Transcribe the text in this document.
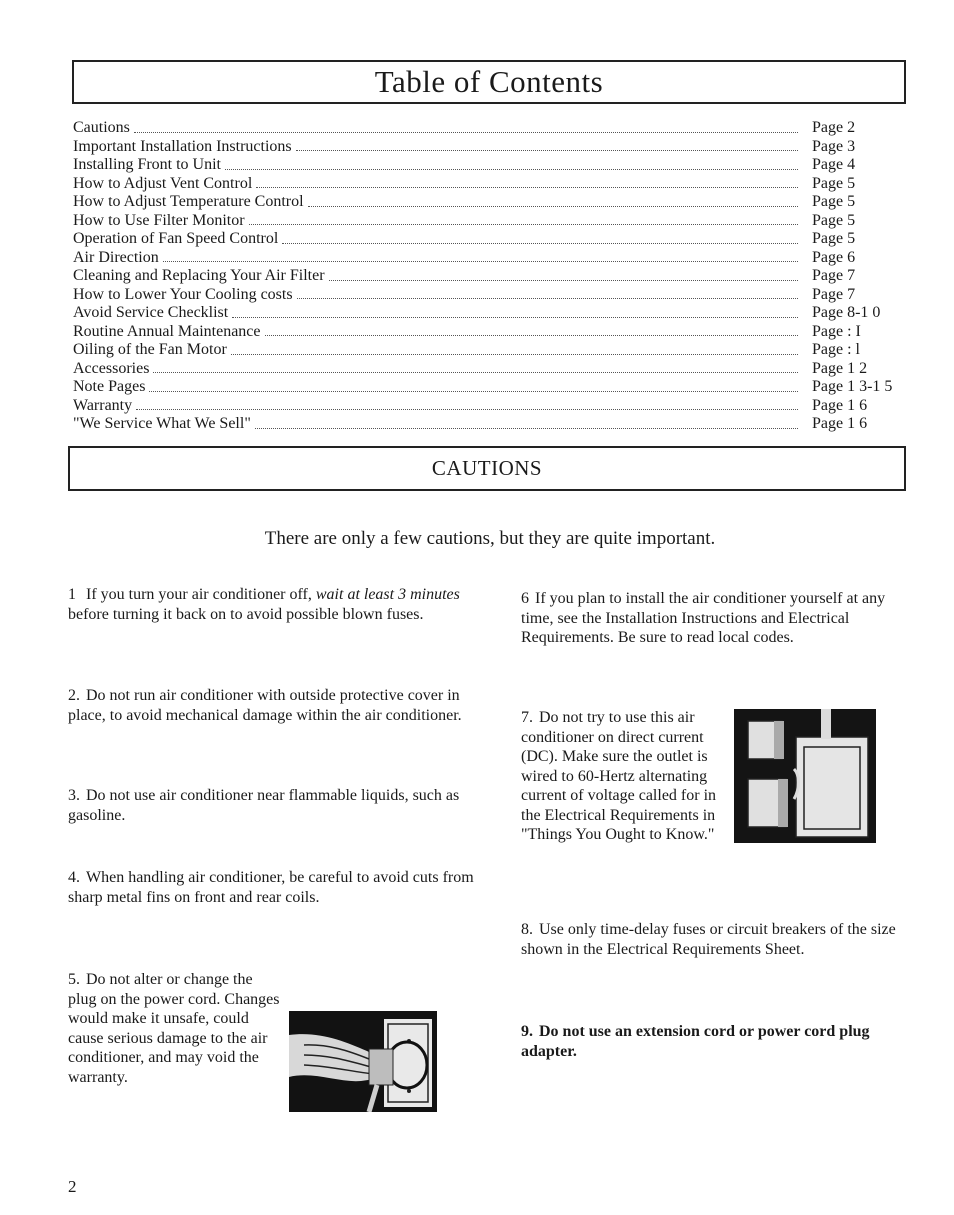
Table of Contents
Cautions	Page 2
Important Installation Instructions	Page 3
Installing Front to Unit	Page 4
How to Adjust Vent Control	Page 5
How to Adjust Temperature Control	Page 5
How to Use Filter Monitor	Page 5
Operation of Fan Speed Control	Page 5
Air Direction	Page 6
Cleaning and Replacing Your Air Filter	Page 7
How to Lower Your Cooling costs	Page 7
Avoid Service Checklist	Page 8-1 0
Routine Annual Maintenance	Page : I
Oiling of the Fan Motor	Page : l
Accessories	Page 1 2
Note Pages	Page 1 3-1 5
Warranty	Page 1 6
"We Service What We Sell"	Page 1 6
CAUTIONS
There are only a few cautions, but they are quite important.
1 If you turn your air conditioner off, wait at least 3 minutes before turning it back on to avoid possible blown fuses.
2. Do not run air conditioner with outside protective cover in place, to avoid mechanical damage within the air conditioner.
3. Do not use air conditioner near flammable liquids, such as gasoline.
4. When handling air conditioner, be careful to avoid cuts from sharp metal fins on front and rear coils.
5. Do not alter or change the plug on the power cord. Changes would make it unsafe, could cause serious damage to the air conditioner, and may void the warranty.
6 If you plan to install the air conditioner yourself at any time, see the Installation Instructions and Electrical Requirements. Be sure to read local codes.
7. Do not try to use this air conditioner on direct current (DC). Make sure the outlet is wired to 60-Hertz alternating current of voltage called for in the Electrical Requirements in "Things You Ought to Know."
8. Use only time-delay fuses or circuit breakers of the size shown in the Electrical Requirements Sheet.
9. Do not use an extension cord or power cord plug adapter.
2
